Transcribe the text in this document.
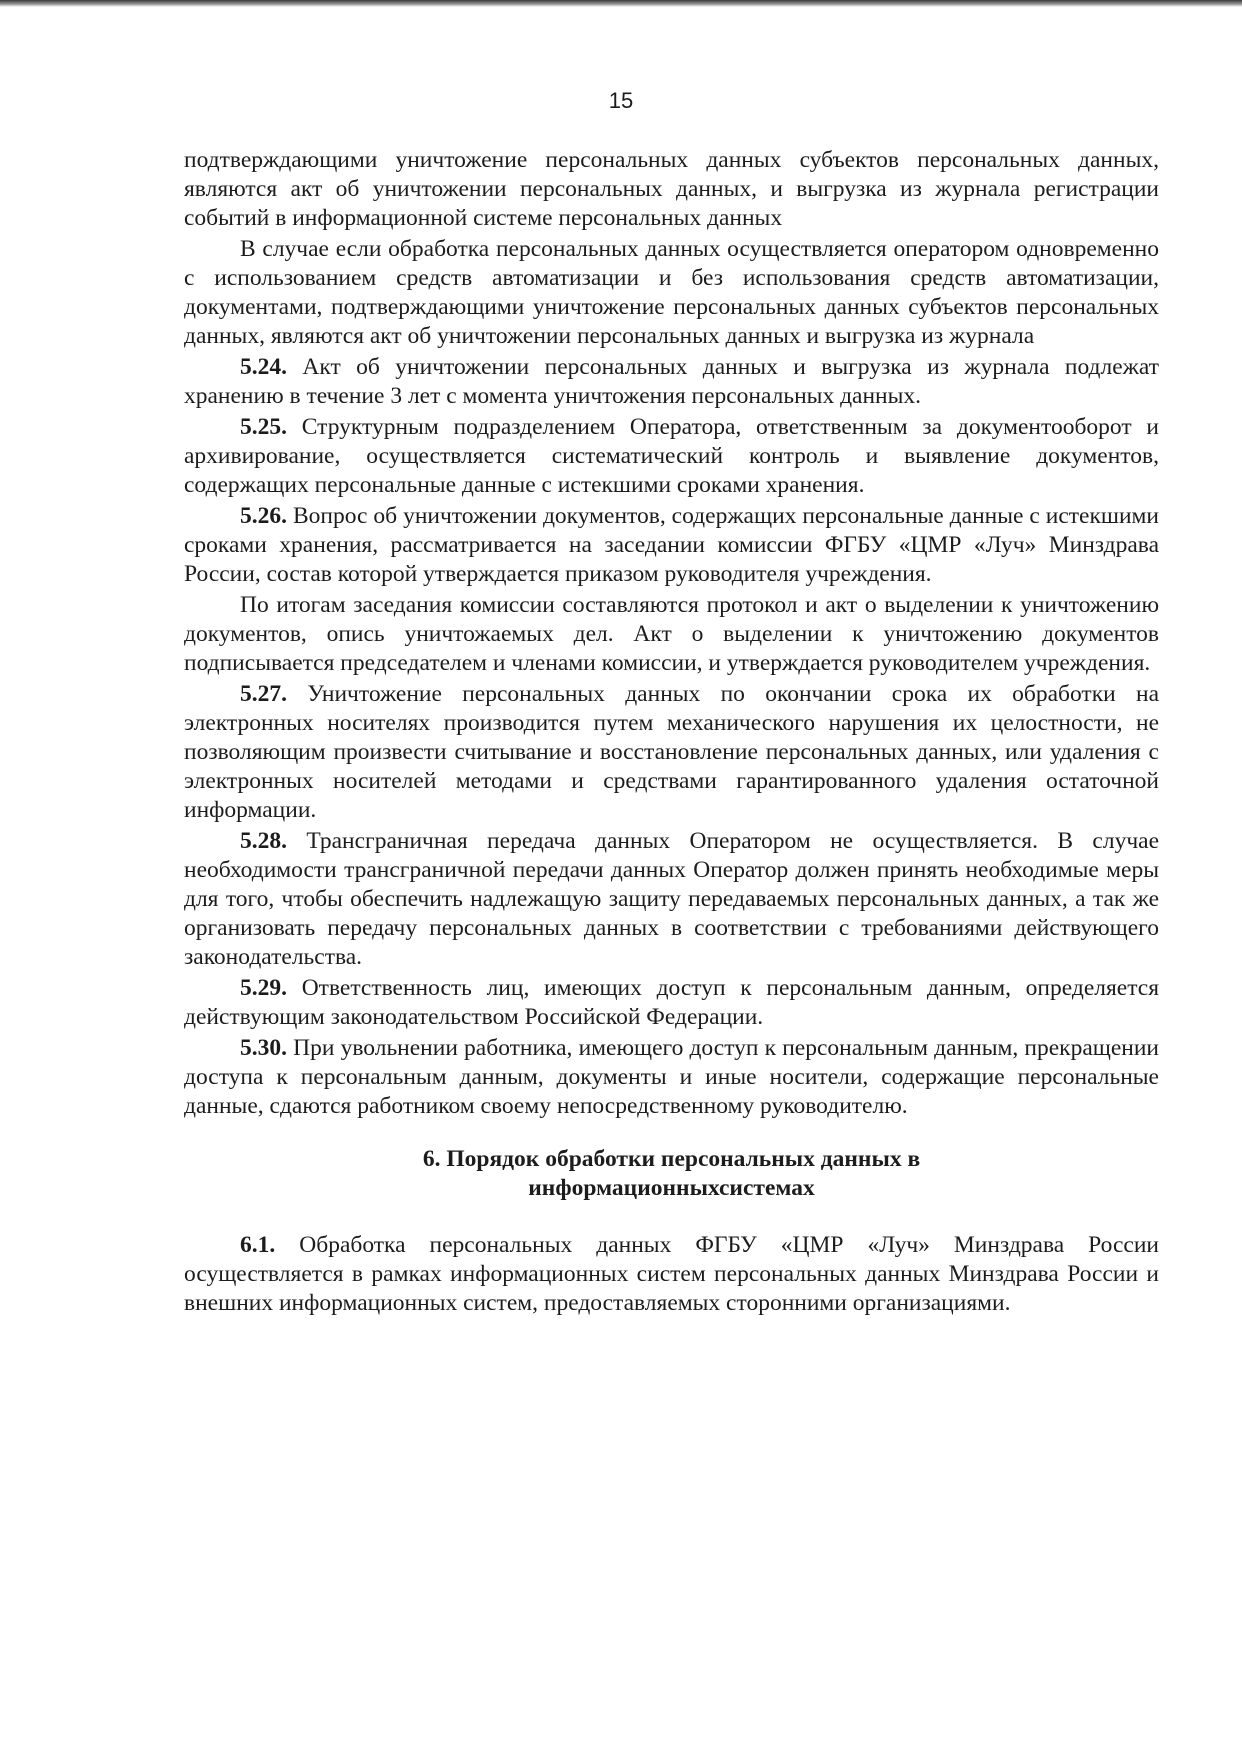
15

подтверждающими уничтожение персональных данных субъектов персональных данных, являются акт об уничтожении персональных данных, и выгрузка из журнала регистрации событий в информационной системе персональных данных

В случае если обработка персональных данных осуществляется оператором одновременно с использованием средств автоматизации и без использования средств автоматизации, документами, подтверждающими уничтожение персональных данных субъектов персональных данных, являются акт об уничтожении персональных данных и выгрузка из журнала

5.24. Акт об уничтожении персональных данных и выгрузка из журнала подлежат хранению в течение 3 лет с момента уничтожения персональных данных.

5.25. Структурным подразделением Оператора, ответственным за документооборот и архивирование, осуществляется систематический контроль и выявление документов, содержащих персональные данные с истекшими сроками хранения.

5.26. Вопрос об уничтожении документов, содержащих персональные данные с истекшими сроками хранения, рассматривается на заседании комиссии ФГБУ «ЦМР «Луч» Минздрава России, состав которой утверждается приказом руководителя учреждения.

По итогам заседания комиссии составляются протокол и акт о выделении к уничтожению документов, опись уничтожаемых дел. Акт о выделении к уничтожению документов подписывается председателем и членами комиссии, и утверждается руководителем учреждения.

5.27. Уничтожение персональных данных по окончании срока их обработки на электронных носителях производится путем механического нарушения их целостности, не позволяющим произвести считывание и восстановление персональных данных, или удаления с электронных носителей методами и средствами гарантированного удаления остаточной информации.

5.28. Трансграничная передача данных Оператором не осуществляется. В случае необходимости трансграничной передачи данных Оператор должен принять необходимые меры для того, чтобы обеспечить надлежащую защиту передаваемых персональных данных, а так же организовать передачу персональных данных в соответствии с требованиями действующего законодательства.

5.29. Ответственность лиц, имеющих доступ к персональным данным, определяется действующим законодательством Российской Федерации.

5.30. При увольнении работника, имеющего доступ к персональным данным, прекращении доступа к персональным данным, документы и иные носители, содержащие персональные данные, сдаются работником своему непосредственному руководителю.

6. Порядок обработки персональных данных в
информационныхсистемах

6.1. Обработка персональных данных ФГБУ «ЦМР «Луч» Минздрава России осуществляется в рамках информационных систем персональных данных Минздрава России и внешних информационных систем, предоставляемых сторонними организациями.
